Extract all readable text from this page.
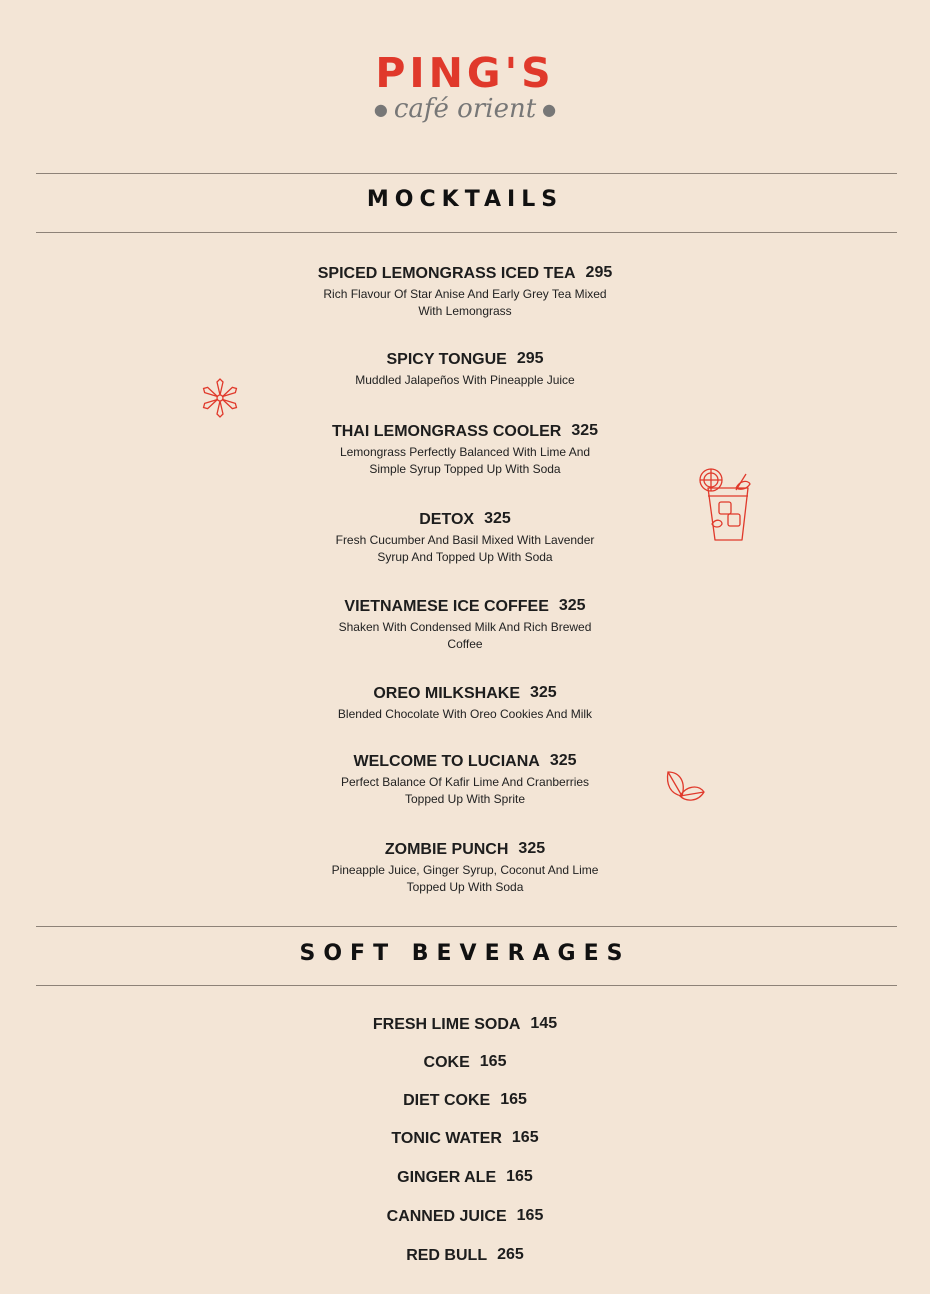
PING'S
● café orient ●
MOCKTAILS
SPICED LEMONGRASS ICED TEA 295
Rich Flavour Of Star Anise And Early Grey Tea Mixed
With Lemongrass
SPICY TONGUE 295
Muddled Jalapeños With Pineapple Juice
THAI LEMONGRASS COOLER 325
Lemongrass Perfectly Balanced With Lime And
Simple Syrup Topped Up With Soda
DETOX 325
Fresh Cucumber And Basil Mixed With Lavender
Syrup And Topped Up With Soda
VIETNAMESE ICE COFFEE 325
Shaken With Condensed Milk And Rich Brewed
Coffee
OREO MILKSHAKE 325
Blended Chocolate With Oreo Cookies And Milk
WELCOME TO LUCIANA 325
Perfect Balance Of Kafir Lime And Cranberries
Topped Up With Sprite
ZOMBIE PUNCH 325
Pineapple Juice, Ginger Syrup, Coconut And Lime
Topped Up With Soda
SOFT BEVERAGES
FRESH LIME SODA 145
COKE 165
DIET COKE 165
TONIC WATER 165
GINGER ALE 165
CANNED JUICE 165
RED BULL 265
